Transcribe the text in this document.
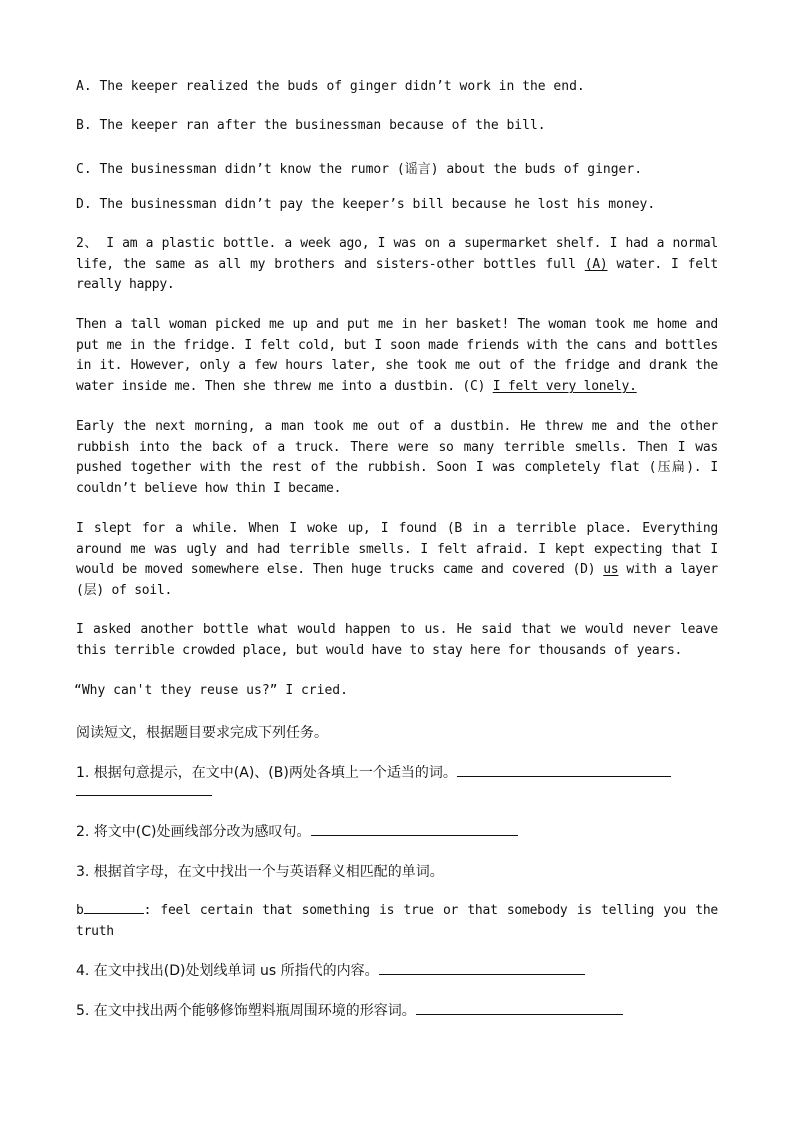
A. The keeper realized the buds of ginger didn’t work in the end.
B. The keeper ran after the businessman because of the bill.
C. The businessman didn’t know the rumor (谣言) about the buds of ginger.
D. The businessman didn’t pay the keeper’s bill because he lost his money.
2、 I am a plastic bottle. a week ago, I was on a supermarket shelf. I had a normal life, the same as all my brothers and sisters-other bottles full (A) water. I felt really happy.
Then a tall woman picked me up and put me in her basket! The woman took me home and put me in the fridge. I felt cold, but I soon made friends with the cans and bottles in it. However, only a few hours later, she took me out of the fridge and drank the water inside me. Then she threw me into a dustbin. (C) I felt very lonely.
Early the next morning, a man took me out of a dustbin. He threw me and the other rubbish into the back of a truck. There were so many terrible smells. Then I was pushed together with the rest of the rubbish. Soon I was completely flat (压扁). I couldn’t believe how thin I became.
I slept for a while. When I woke up, I found (B in a terrible place. Everything around me was ugly and had terrible smells. I felt afraid. I kept expecting that I would be moved somewhere else. Then huge trucks came and covered (D) us with a layer (层) of soil.
I asked another bottle what would happen to us. He said that we would never leave this terrible crowded place, but would have to stay here for thousands of years.
“Why can't they reuse us?” I cried.
阅读短文，根据题目要求完成下列任务。
1. 根据句意提示，在文中(A)、(B)两处各填上一个适当的词。
2. 将文中(C)处画线部分改为感叹句。
3. 根据首字母，在文中找出一个与英语释义相匹配的单词。
b	: feel certain that something is true or that somebody is telling you the truth
4. 在文中找出(D)处划线单词 us 所指代的内容。
5. 在文中找出两个能够修饰塑料瓶周围环境的形容词。
